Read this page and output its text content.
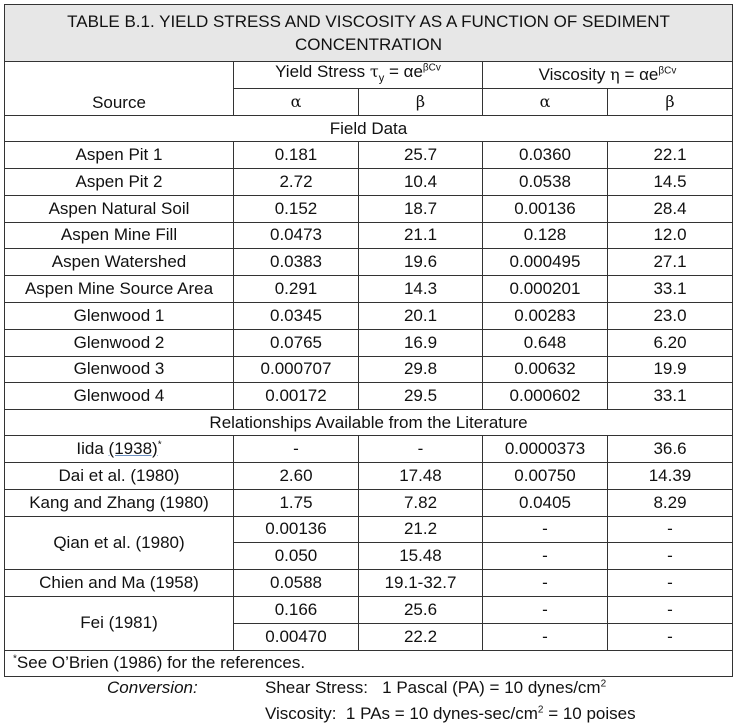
TABLE B.1. YIELD STRESS AND VISCOSITY AS A FUNCTION OF SEDIMENT CONCENTRATION				
Source	Yield Stress $\tau_y = \alpha e^{\beta Cv}$		Viscosity $\eta = \alpha e^{\beta Cv}$
	α	β	α	β
Field Data				
Aspen Pit 1	0.181	25.7	0.0360	22.1
Aspen Pit 2	2.72	10.4	0.0538	14.5
Aspen Natural Soil	0.152	18.7	0.00136	28.4
Aspen Mine Fill	0.0473	21.1	0.128	12.0
Aspen Watershed	0.0383	19.6	0.000495	27.1
Aspen Mine Source Area	0.291	14.3	0.000201	33.1
Glenwood 1	0.0345	20.1	0.00283	23.0
Glenwood 2	0.0765	16.9	0.648	6.20
Glenwood 3	0.000707	29.8	0.00632	19.9
Glenwood 4	0.00172	29.5	0.000602	33.1
Relationships Available from the Literature				
Iida (1938)*	-	-	0.0000373	36.6
Dai et al. (1980)	2.60	17.48	0.00750	14.39
Kang and Zhang (1980)	1.75	7.82	0.0405	8.29
Qian et al. (1980)	0.00136	21.2	-	-
	0.050	15.48	-	-
Chien and Ma (1958)	0.0588	19.1-32.7	-	-
Fei (1981)	0.166	25.6	-	-
	0.00470	22.2	-	-
*See O’Brien (1986) for the references.				
Conversion:	Shear Stress:   1 Pascal (PA) = 10 dynes/$cm^2$
Viscosity:  1 PAs = 10 dynes-$\sec/cm^2 = 10$ poises
